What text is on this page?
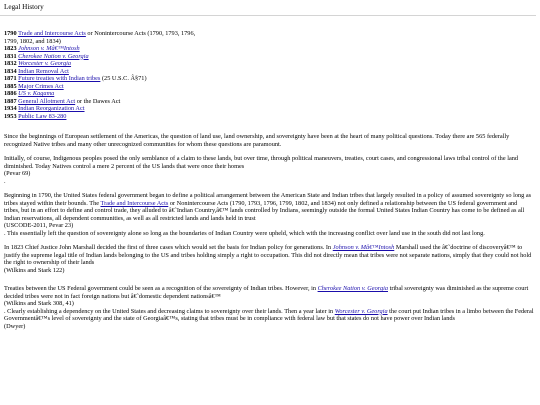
Legal History
1790 Trade and Intercourse Acts or Nonintercourse Acts (1790, 1793, 1796,
1799, 1802, and 1834)
1823 Johnson v. Mâ€™Intosh
1831 Cherokee Nation v. Georgia
1832 Worcester v. Georgia
1834 Indian Removal Act
1871 Future treaties with Indian tribes (25 U.S.C. Â§71)
1885 Major Crimes Act
1886 US v. Kagama
1887 General Allotment Act or the Dawes Act
1934 Indian Reorganization Act
1953 Public Law 83-280

Since the beginnings of European settlement of the Americas, the question of land use, land ownership, and sovereignty have been at the heart of many political questions. Today there are 565 federally recognized Native tribes and many other unrecognized communities for whom these questions are paramount.

Initially, of course, Indigenous peoples posed the only semblance of a claim to these lands, but over time, through political maneuvers, treaties, court cases, and congressional laws tribal control of the land diminished. Today Natives control a mere 2 percent of the US lands that were once their homes

(Pevar 69)

.

Beginning in 1790, the United States federal government began to define a political arrangement between the American State and Indian tribes that largely resulted in a policy of assumed sovereignty so long as tribes stayed within their bounds. The Trade and Intercourse Acts or Nonintercourse Acts (1790, 1793, 1796, 1799, 1802, and 1834) not only defined a relationship between the US federal government and tribes, but in an effort to define and control trade, they alluded to â€˜Indian Country,â€™ lands controlled by Indians, seemingly outside the formal United States Indian Country has come to be defined as all Indian reservations, all dependent communities, as well as all restricted lands and lands held in trust

(USCODE-2011, Pevar 23)

. This essentially left the question of sovereignty alone so long as the boundaries of Indian Country were upheld, which with the increasing conflict over land use in the south did not last long.

In 1823 Chief Justice John Marshall decided the first of three cases which would set the basis for Indian policy for generations. In Johnson v. Mâ€™Intosh Marshall used the â€˜doctrine of discoveryâ€™ to justify the supreme legal title of Indian lands belonging to the US and tribes holding simply a right to occupation. This did not directly mean that tribes were not separate nations, simply that they could not hold the right to ownership of their lands

(Wilkins and Stark 122)

Treaties between the US Federal government could be seen as a recognition of the sovereignty of Indian tribes. However, in Cherokee Nation v. Georgia tribal sovereignty was diminished as the supreme court decided tribes were not in fact foreign nations but â€˜domestic dependent nationsâ€™

(Wilkins and Stark 308, 41)

. Clearly establishing a dependency on the United States and decreasing claims to sovereignty over their lands. Then a year later in Worcester v. Georgia the court put Indian tribes in a limbo between the Federal Governmentâ€™s level of sovereignty and the state of Georgiaâ€™s, stating that tribes must be in compliance with federal law but that states do not have power over Indian lands

(Dwyer)
